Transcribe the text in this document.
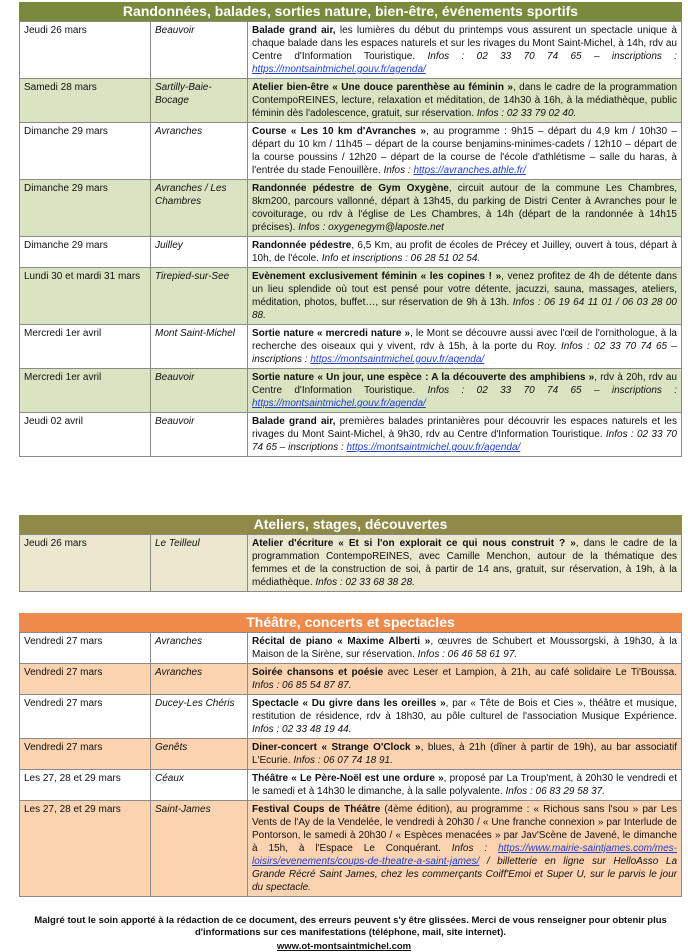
Randonnées, balades, sorties nature, bien-être, événements sportifs
Jeudi 26 mars	Beauvoir	Balade grand air, les lumières du début du printemps vous assurent un spectacle unique à chaque balade dans les espaces naturels et sur les rivages du Mont Saint-Michel, à 14h, rdv au Centre d'Information Touristique. Infos : 02 33 70 74 65 – inscriptions : https://montsaintmichel.gouv.fr/agenda/
Samedi 28 mars	Sartilly-Baie-Bocage	Atelier bien-être « Une douce parenthèse au féminin », dans le cadre de la programmation ContempoREINES, lecture, relaxation et méditation, de 14h30 à 16h, à la médiathèque, public féminin dès l'adolescence, gratuit, sur réservation. Infos : 02 33 79 02 40.
Dimanche 29 mars	Avranches	Course « Les 10 km d'Avranches », au programme : 9h15 – départ du 4,9 km / 10h30 – départ du 10 km / 11h45 – départ de la course benjamins-minimes-cadets / 12h10 – départ de la course poussins / 12h20 – départ de la course de l'école d'athlétisme – salle du haras, à l'entrée du stade Fenouillère. Infos : https://avranches.athle.fr/
Dimanche 29 mars	Avranches / Les Chambres	Randonnée pédestre de Gym Oxygène, circuit autour de la commune Les Chambres, 8km200, parcours vallonné, départ à 13h45, du parking de Distri Center à Avranches pour le covoiturage, ou rdv à l'église de Les Chambres, à 14h (départ de la randonnée à 14h15 précises). Infos : oxygenegym@laposte.net
Dimanche 29 mars	Juilley	Randonnée pédestre, 6,5 Km, au profit de écoles de Précey et Juilley, ouvert à tous, départ à 10h, de l'école. Info et inscriptions : 06 28 51 02 54.
Lundi 30 et mardi 31 mars	Tirepied-sur-See	Evènement exclusivement féminin « les copines ! », venez profitez de 4h de détente dans un lieu splendide où tout est pensé pour votre détente, jacuzzi, sauna, massages, ateliers, méditation, photos, buffet…, sur réservation de 9h à 13h. Infos : 06 19 64 11 01 / 06 03 28 00 88.
Mercredi 1er avril	Mont Saint-Michel	Sortie nature « mercredi nature », le Mont se découvre aussi avec l'œil de l'ornithologue, à la recherche des oiseaux qui y vivent, rdv à 15h, à la porte du Roy. Infos : 02 33 70 74 65 – inscriptions : https://montsaintmichel.gouv.fr/agenda/
Mercredi 1er avril	Beauvoir	Sortie nature « Un jour, une espèce : A la découverte des amphibiens », rdv à 20h, rdv au Centre d'Information Touristique. Infos : 02 33 70 74 65 – inscriptions : https://montsaintmichel.gouv.fr/agenda/
Jeudi 02 avril	Beauvoir	Balade grand air, premières balades printanières pour découvrir les espaces naturels et les rivages du Mont Saint-Michel, à 9h30, rdv au Centre d'Information Touristique. Infos : 02 33 70 74 65 – inscriptions : https://montsaintmichel.gouv.fr/agenda/
Ateliers, stages, découvertes
Jeudi 26 mars	Le Teilleul	Atelier d'écriture « Et si l'on explorait ce qui nous construit ? », dans le cadre de la programmation ContempoREINES, avec Camille Menchon, autour de la thématique des femmes et de la construction de soi, à partir de 14 ans, gratuit, sur réservation, à 19h, à la médiathèque. Infos : 02 33 68 38 28.
Théâtre, concerts et spectacles
Vendredi 27 mars	Avranches	Récital de piano « Maxime Alberti », œuvres de Schubert et Moussorgski, à 19h30, à la Maison de la Sirène, sur réservation. Infos : 06 46 58 61 97.
Vendredi 27 mars	Avranches	Soirée chansons et poésie avec Leser et Lampion, à 21h, au café solidaire Le Ti'Boussa. Infos : 06 85 54 87 87.
Vendredi 27 mars	Ducey-Les Chéris	Spectacle « Du givre dans les oreilles », par « Tête de Bois et Cies », théâtre et musique, restitution de résidence, rdv à 18h30, au pôle culturel de l'association Musique Expérience. Infos : 02 33 48 19 44.
Vendredi 27 mars	Genêts	Diner-concert « Strange O'Clock », blues, à 21h (dîner à partir de 19h), au bar associatif L'Ecurie. Infos : 06 07 74 18 91.
Les 27, 28 et 29 mars	Céaux	Théâtre « Le Père-Noël est une ordure », proposé par La Troup'ment, à 20h30 le vendredi et le samedi et à 14h30 le dimanche, à la salle polyvalente. Infos : 06 83 29 58 37.
Les 27, 28 et 29 mars	Saint-James	Festival Coups de Théâtre (4ème édition), au programme : « Richous sans l'sou » par Les Vents de l'Ay de la Vendelée, le vendredi à 20h30 / « Une franche connexion » par Interlude de Pontorson, le samedi à 20h30 / « Espèces menacées » par Jav'Scène de Javené, le dimanche à 15h, à l'Espace Le Conquérant. Infos : https://www.mairie-saintjames.com/mes-loisirs/evenements/coups-de-theatre-a-saint-james/ / billetterie en ligne sur HelloAsso La Grande Récré Saint James, chez les commerçants Coiff'Emoi et Super U, sur le parvis le jour du spectacle.
Malgré tout le soin apporté à la rédaction de ce document, des erreurs peuvent s'y être glissées. Merci de vous renseigner pour obtenir plus d'informations sur ces manifestations (téléphone, mail, site internet).
www.ot-montsaintmichel.com
